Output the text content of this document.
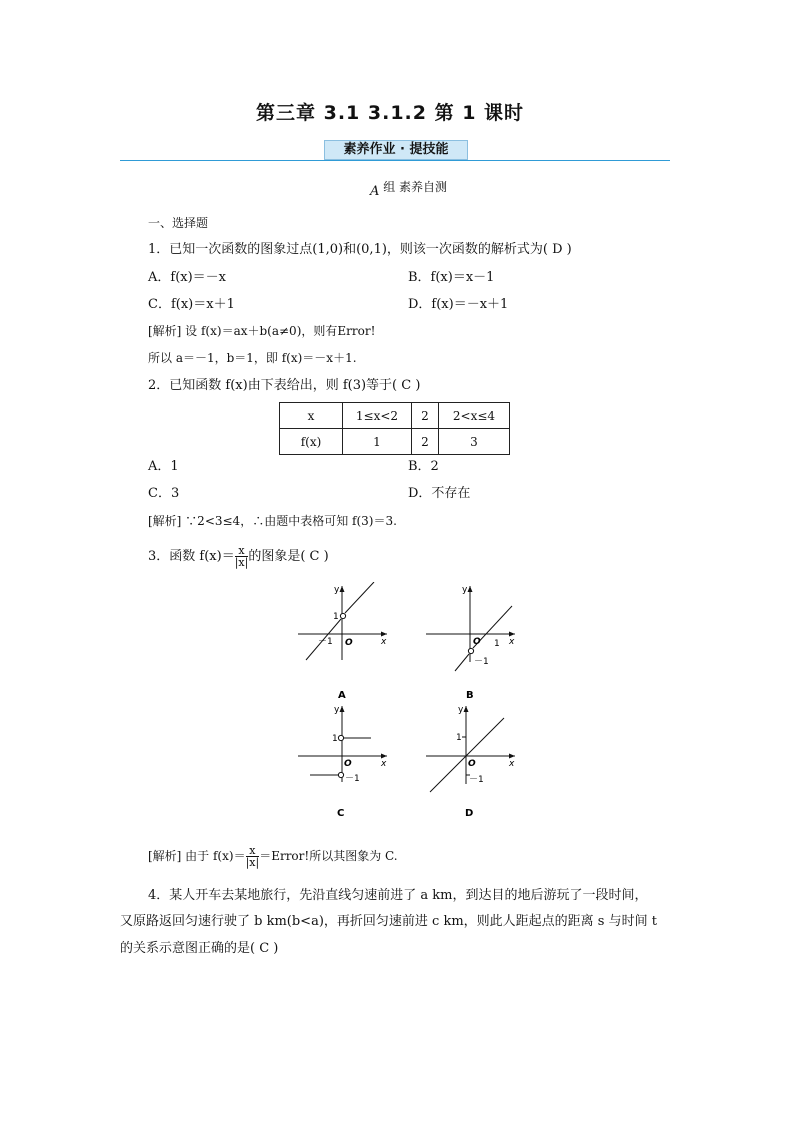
第三章 3.1 3.1.2 第 1 课时
素养作业 · 提技能
A 组 素养自测
一、选择题
1．已知一次函数的图象过点(1,0)和(0,1)，则该一次函数的解析式为( D )
A．f(x)＝－x	B．f(x)＝x－1
C．f(x)＝x＋1	D．f(x)＝－x＋1
[解析] 设 f(x)＝ax＋b(a≠0)，则有Error!
所以 a＝－1，b＝1，即 f(x)＝－x＋1.
2．已知函数 f(x)由下表给出，则 f(3)等于( C )
x	1≤x<2	2	2<x≤4
f(x)	1	2	3
A．1	B．2
C．3	D．不存在
[解析] ∵2<3≤4，∴由题中表格可知 f(3)＝3.
3．函数 $f(x)= \frac{x}{|x|}$ 的图象是( C )
y
x
O
1
－1
A
y
x
O 1
－1
B
y
x
O
1
－1
C
y
x
O
1
－1
D
[解析] 由于 $f(x)= \frac{x}{|x|}$ ＝Error!所以其图象为 C.
4．某人开车去某地旅行，先沿直线匀速前进了 a km，到达目的地后游玩了一段时间，
又原路返回匀速行驶了 b km(b<a)，再折回匀速前进 c km，则此人距起点的距离 s 与时间 t
的关系示意图正确的是( C )
